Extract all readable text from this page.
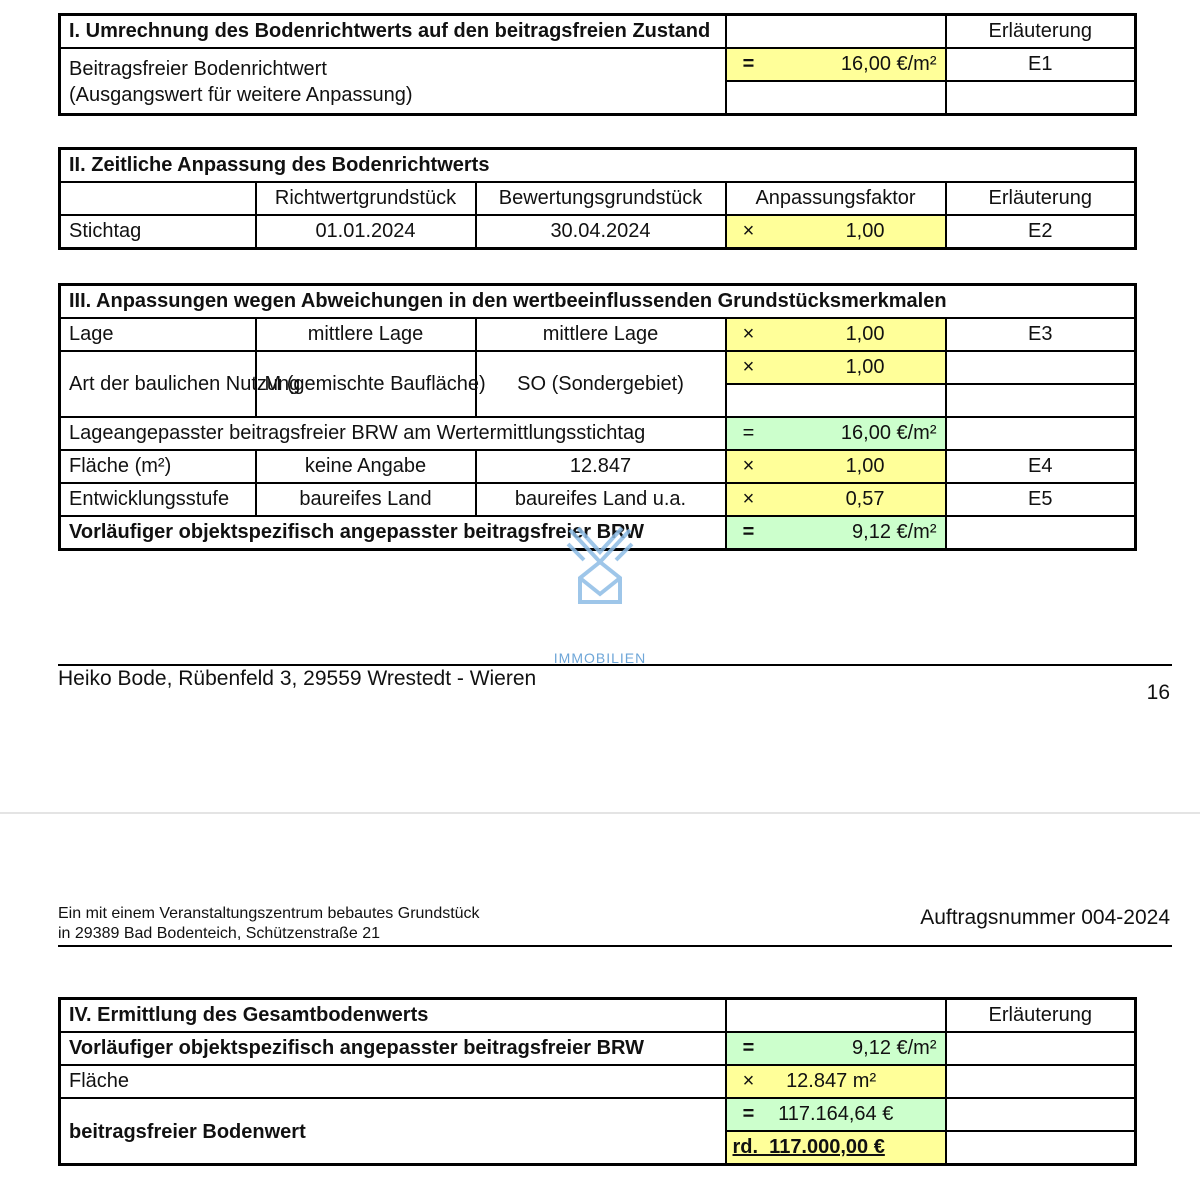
I. Umrechnung des Bodenrichtwerts auf den beitragsfreien Zustand		Erläuterung
Beitragsfreier Bodenrichtwert
(Ausgangswert für weitere Anpassung)	= 16,00 €/m²	E1

II. Zeitliche Anpassung des Bodenrichtwerts				
	Richtwertgrundstück	Bewertungsgrundstück	Anpassungsfaktor	Erläuterung
Stichtag	01.01.2024	30.04.2024	× 1,00	E2
III. Anpassungen wegen Abweichungen in den wertbeeinflussenden Grundstücksmerkmalen				
Lage	mittlere Lage	mittlere Lage	× 1,00	E3
Art der baulichen Nutzung	M (gemischte Baufläche)	SO (Sondergebiet)	× 1,00	

Lageangepasster beitragsfreier BRW am Wertermittlungsstichtag			= 16,00 €/m²	

Fläche (m²)	keine Angabe	12.847	× 1,00	E4
Entwicklungsstufe	baureifes Land	baureifes Land u.a.	× 0,57	E5
Vorläufiger objektspezifisch angepasster beitragsfreier BRW			= 9,12 €/m²	

IMMOBILIEN
Heiko Bode, Rübenfeld 3, 29559 Wrestedt - Wieren
16
Ein mit einem Veranstaltungszentrum bebautes Grundstück
in 29389 Bad Bodenteich, Schützenstraße 21
Auftragsnummer 004-2024
IV. Ermittlung des Gesamtbodenwerts		Erläuterung
Vorläufiger objektspezifisch angepasster beitragsfreier BRW	= 9,12 €/m²	

Fläche	× 12.847 m²	
beitragsfreier Bodenwert	= 117.164,64 €	
	rd.  117.000,00 €	
